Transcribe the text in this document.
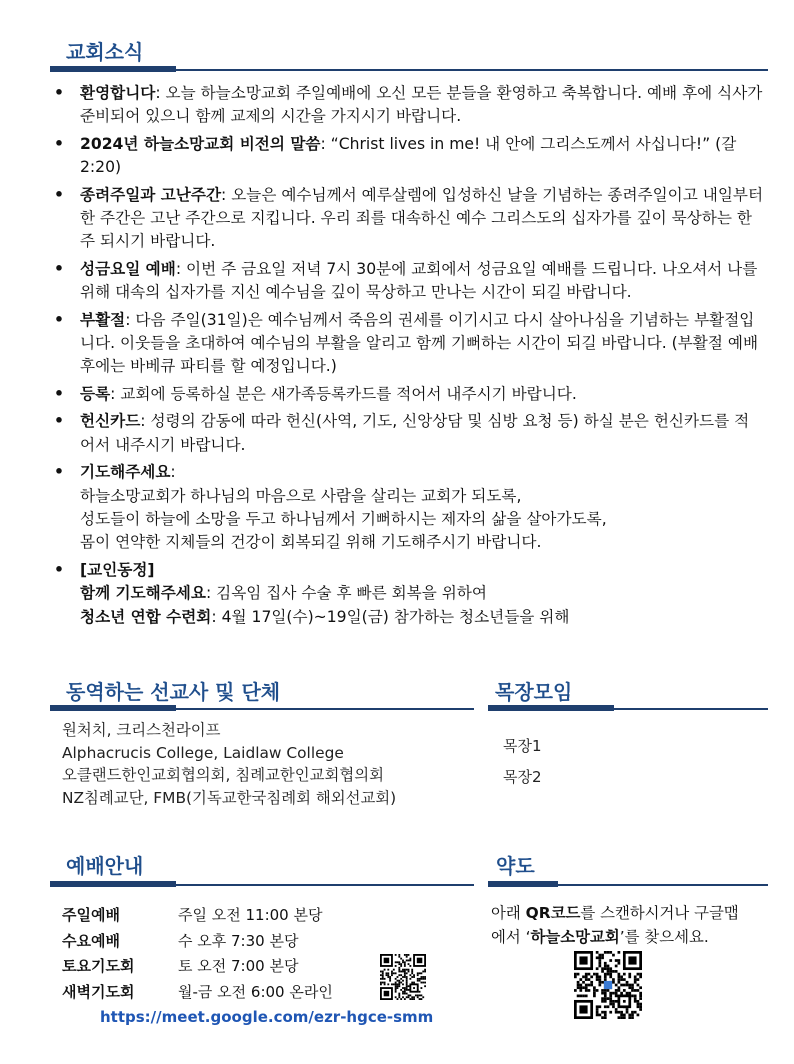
교회소식
• 환영합니다: 오늘 하늘소망교회 주일예배에 오신 모든 분들을 환영하고 축복합니다. 예배 후에 식사가 준비되어 있으니 함께 교제의 시간을 가지시기 바랍니다.
• 2024년 하늘소망교회 비전의 말씀: “Christ lives in me! 내 안에 그리스도께서 사십니다!” (갈 2:20)
• 종려주일과 고난주간: 오늘은 예수님께서 예루살렘에 입성하신 날을 기념하는 종려주일이고 내일부터 한 주간은 고난 주간으로 지킵니다. 우리 죄를 대속하신 예수 그리스도의 십자가를 깊이 묵상하는 한 주 되시기 바랍니다.
• 성금요일 예배: 이번 주 금요일 저녁 7시 30분에 교회에서 성금요일 예배를 드립니다. 나오셔서 나를 위해 대속의 십자가를 지신 예수님을 깊이 묵상하고 만나는 시간이 되길 바랍니다.
• 부활절: 다음 주일(31일)은 예수님께서 죽음의 권세를 이기시고 다시 살아나심을 기념하는 부활절입니다. 이웃들을 초대하여 예수님의 부활을 알리고 함께 기뻐하는 시간이 되길 바랍니다. (부활절 예배 후에는 바베큐 파티를 할 예정입니다.)
• 등록: 교회에 등록하실 분은 새가족등록카드를 적어서 내주시기 바랍니다.
• 헌신카드: 성령의 감동에 따라 헌신(사역, 기도, 신앙상담 및 심방 요청 등) 하실 분은 헌신카드를 적어서 내주시기 바랍니다.
• 기도해주세요:
하늘소망교회가 하나님의 마음으로 사람을 살리는 교회가 되도록,
성도들이 하늘에 소망을 두고 하나님께서 기뻐하시는 제자의 삶을 살아가도록,
몸이 연약한 지체들의 건강이 회복되길 위해 기도해주시기 바랍니다.
• [교인동정]
함께 기도해주세요: 김옥임 집사 수술 후 빠른 회복을 위하여
청소년 연합 수련회: 4월 17일(수)~19일(금) 참가하는 청소년들을 위해
동역하는 선교사 및 단체
원처치, 크리스천라이프
Alphacrucis College, Laidlaw College
오클랜드한인교회협의회, 침례교한인교회협의회
NZ침례교단, FMB(기독교한국침례회 해외선교회)
목장모임
목장1
목장2
예배안내
주일예배	주일 오전 11:00 본당
수요예배	수 오후 7:30 본당
토요기도회	토 오전 7:00 본당
새벽기도회	월-금 오전 6:00 온라인
https://meet.google.com/ezr-hgce-smm
약도
아래 QR코드를 스캔하시거나 구글맵
에서 ‘하늘소망교회’를 찾으세요.
